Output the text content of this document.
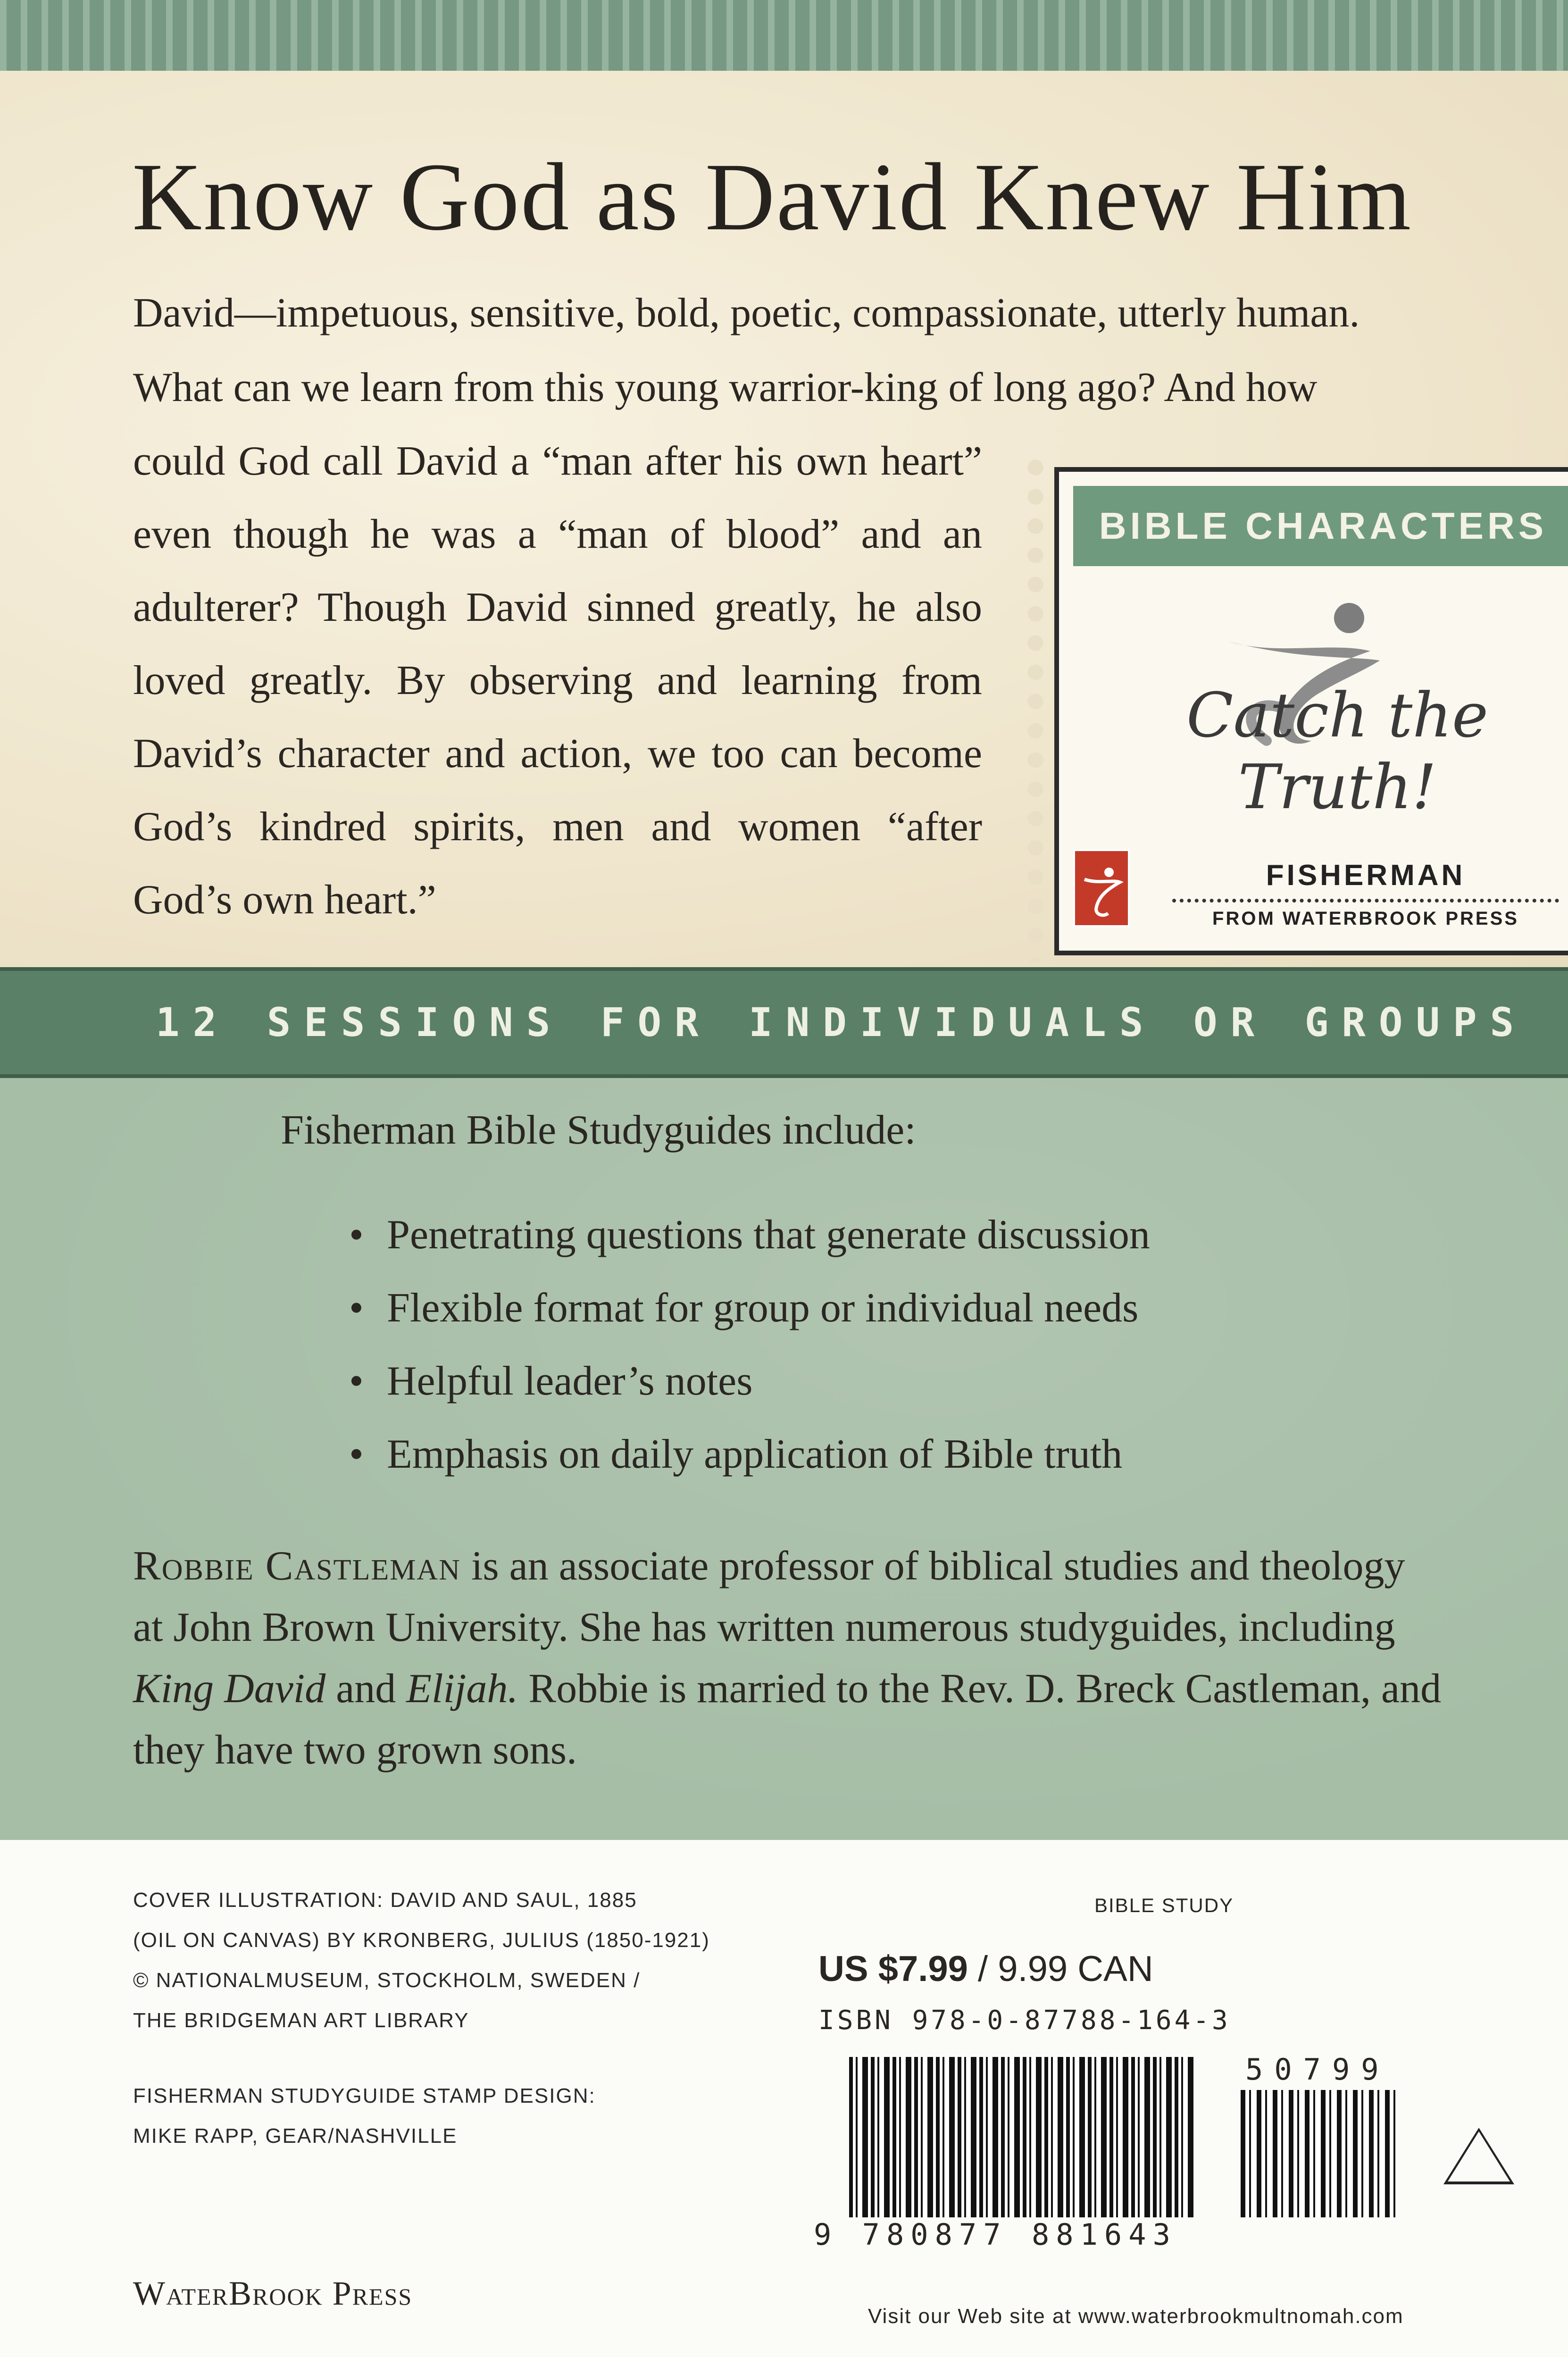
Know God as David Knew Him
David—impetuous, sensitive, bold, poetic, compassionate, utterly human.
What can we learn from this young warrior-king of long ago? And how
could God call David a “man after his own heart” even though he was a “man of blood” and an adulterer? Though David sinned greatly, he also loved greatly. By observing and learning from David’s character and action, we too can become God’s kindred spirits, men and women “after God’s own heart.”
BIBLE CHARACTERS
Catch the Truth!
FISHERMAN
FROM WATERBROOK PRESS
12 SESSIONS FOR INDIVIDUALS OR GROUPS
Fisherman Bible Studyguides include:
• Penetrating questions that generate discussion
• Flexible format for group or individual needs
• Helpful leader’s notes
• Emphasis on daily application of Bible truth
Robbie Castleman is an associate professor of biblical studies and theology at John Brown University. She has written numerous studyguides, including King David and Elijah. Robbie is married to the Rev. D. Breck Castleman, and they have two grown sons.
COVER ILLUSTRATION: DAVID AND SAUL, 1885
(OIL ON CANVAS) BY KRONBERG, JULIUS (1850-1921)
© NATIONALMUSEUM, STOCKHOLM, SWEDEN /
THE BRIDGEMAN ART LIBRARY
FISHERMAN STUDYGUIDE STAMP DESIGN:
MIKE RAPP, GEAR/NASHVILLE
WaterBrook Press
BIBLE STUDY
US $7.99 / 9.99 CAN
ISBN 978-0-87788-164-3
50799
9 780877 881643
Visit our Web site at www.waterbrookmultnomah.com
